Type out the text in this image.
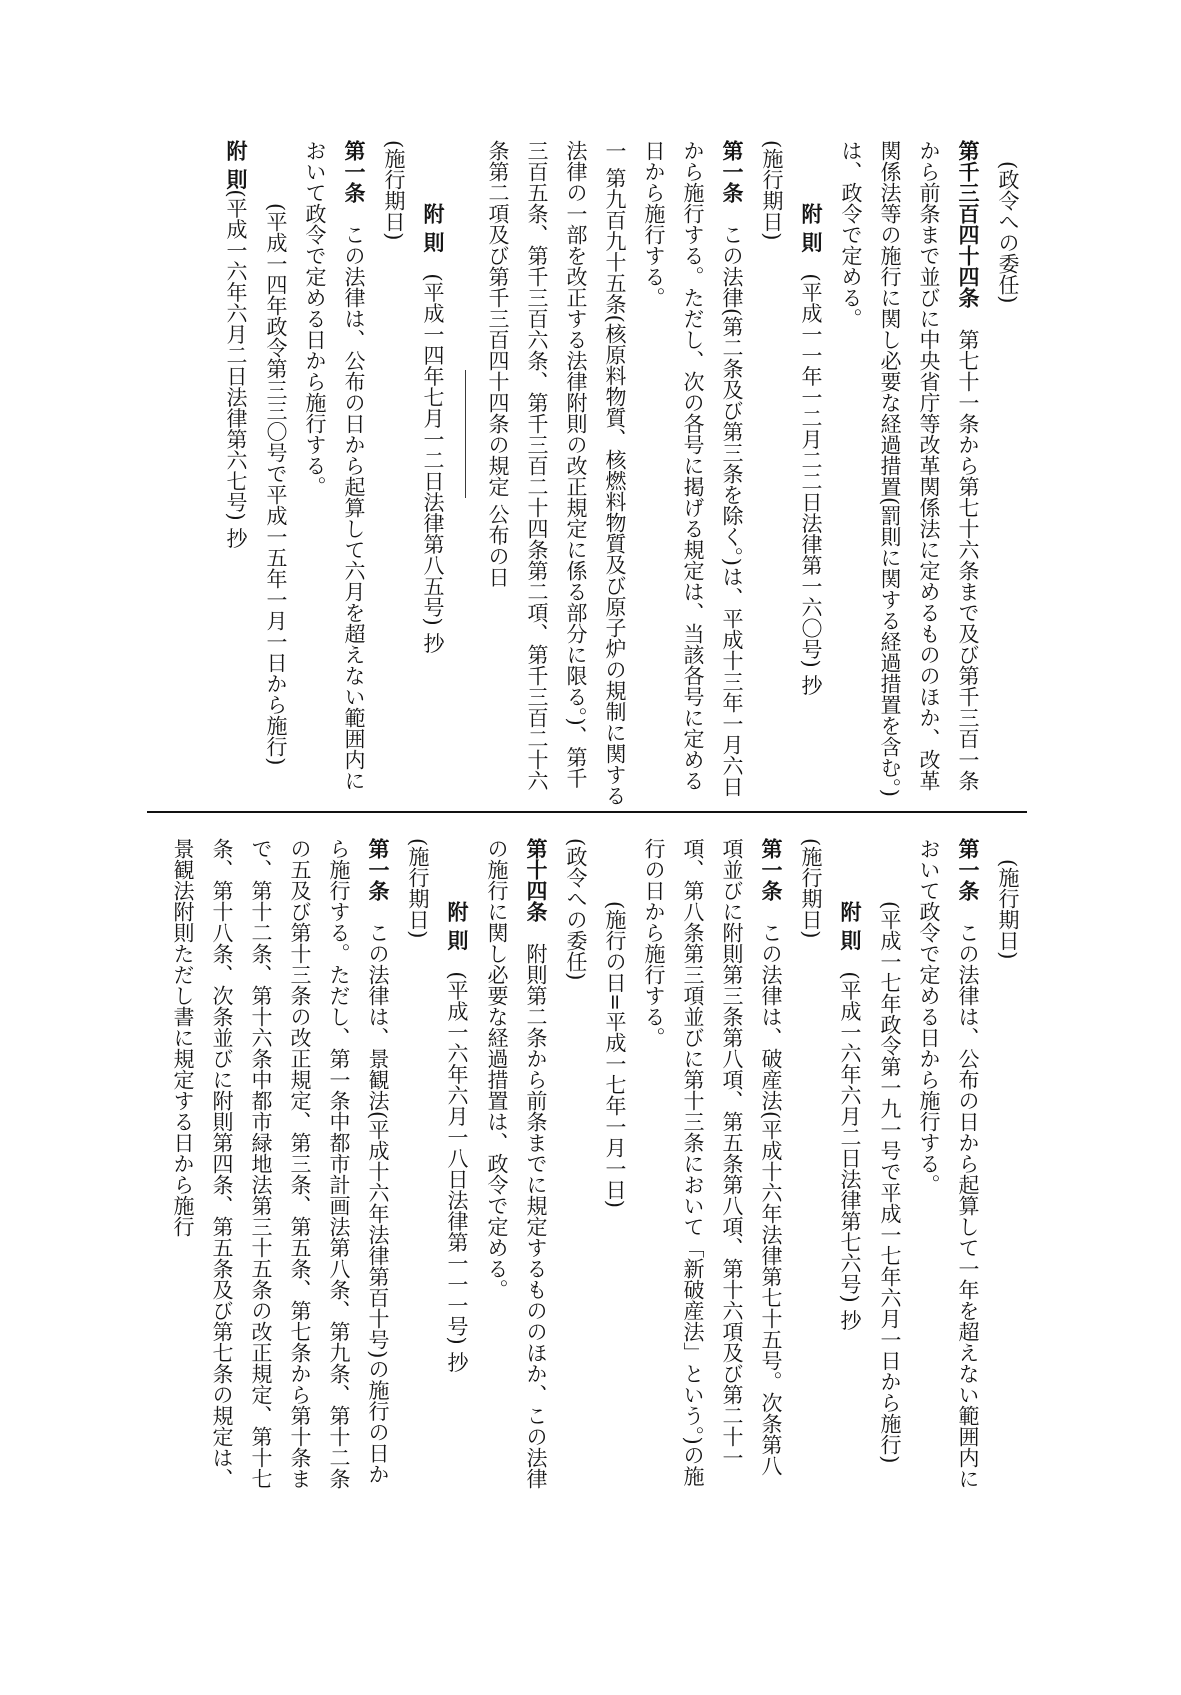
(政令への委任)

第千三百四十四条　第七十一条から第七十六条まで及び第千三百一条から前条まで並びに中央省庁等改革関係法に定めるもののほか、改革関係法等の施行に関し必要な経過措置(罰則に関する経過措置を含む。)は、政令で定める。

附 則(平成一一年一二月二二日法律第一六〇号) 抄

(施行期日)

第一条　この法律(第二条及び第三条を除く。)は、平成十三年一月六日から施行する。ただし、次の各号に掲げる規定は、当該各号に定める日から施行する。

一 第九百九十五条(核原料物質、核燃料物質及び原子炉の規制に関する法律の一部を改正する法律附則の改正規定に係る部分に限る。)、第千三百五条、第千三百六条、第千三百二十四条第二項、第千三百二十六条第二項及び第千三百四十四条の規定 公布の日

附 則(平成一四年七月一二日法律第八五号) 抄

(施行期日)

第一条　この法律は、公布の日から起算して六月を超えない範囲内において政令で定める日から施行する。

(平成一四年政令第三三〇号で平成一五年一月一日から施行)

附 則(平成一六年六月二日法律第六七号) 抄

(施行期日)

第一条　この法律は、公布の日から起算して一年を超えない範囲内において政令で定める日から施行する。

(平成一七年政令第一九一号で平成一七年六月一日から施行)

附 則(平成一六年六月二日法律第七六号) 抄

(施行期日)

第一条　この法律は、破産法(平成十六年法律第七十五号。次条第八項並びに附則第三条第八項、第五条第八項、第十六項及び第二十一項、第八条第三項並びに第十三条において「新破産法」という。)の施行の日から施行する。

(施行の日=平成一七年一月一日)

(政令への委任)

第十四条　附則第二条から前条までに規定するもののほか、この法律の施行に関し必要な経過措置は、政令で定める。

附 則(平成一六年六月一八日法律第一一一号) 抄

(施行期日)

第一条　この法律は、景観法(平成十六年法律第百十号)の施行の日から施行する。ただし、第一条中都市計画法第八条、第九条、第十二条の五及び第十三条の改正規定、第三条、第五条、第七条から第十条まで、第十二条、第十六条中都市緑地法第三十五条の改正規定、第十七条、第十八条、次条並びに附則第四条、第五条及び第七条の規定は、景観法附則ただし書に規定する日から施行
